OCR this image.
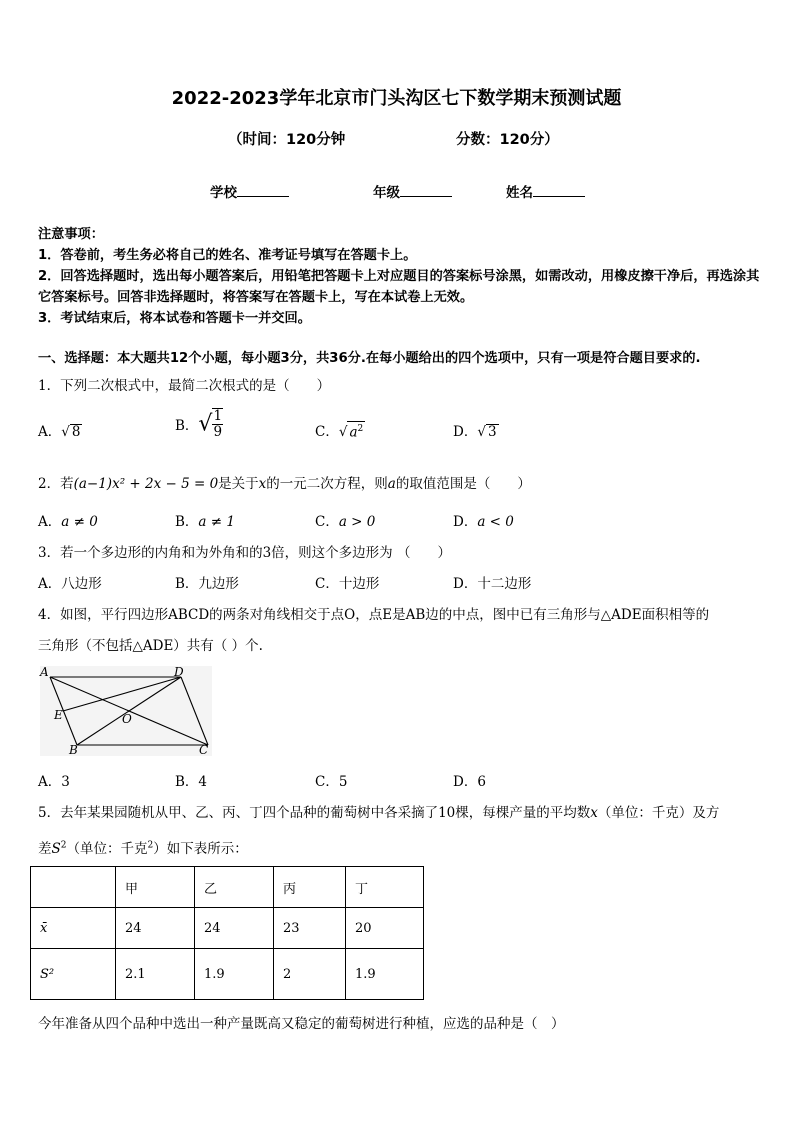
2022-2023学年北京市门头沟区七下数学期末预测试题
（时间：120分钟	分数：120分）
学校	年级	姓名

注意事项：

1．答卷前，考生务必将自己的姓名、准考证号填写在答题卡上。

2．回答选择题时，选出每小题答案后，用铅笔把答题卡上对应题目的答案标号涂黑，如需改动，用橡皮擦干净后，再选涂其它答案标号。回答非选择题时，将答案写在答题卡上，写在本试卷上无效。

3．考试结束后，将本试卷和答题卡一并交回。

一、选择题：本大题共12个小题，每小题3分，共36分.在每小题给出的四个选项中，只有一项是符合题目要求的.
1．下列二次根式中，最简二次根式的是（　　）
A．√ 8	B．√ $\frac{1}{9}$	C．√ $a^2$	D．√ 3
2．若(a−1)x² + 2x − 5 = 0是关于x的一元二次方程，则a的取值范围是（　　）
A．a ≠ 0	B．a ≠ 1	C．a > 0	D．a < 0
3．若一个多边形的内角和为外角和的3倍，则这个多边形为 （　　）
A．八边形	B．九边形	C．十边形	D．十二边形
4．如图，平行四边形ABCD的两条对角线相交于点O，点E是AB边的中点，图中已有三角形与△ADE面积相等的
三角形（不包括△ADE）共有（ ）个.
A	D
E	O
B	C
A．3	B．4	C．5	D．6
5．去年某果园随机从甲、乙、丙、丁四个品种的葡萄树中各采摘了10棵，每棵产量的平均数x（单位：千克）及方
差$S^2$（单位：千克$^2$）如下表所示：
	甲	乙	丙	丁
x̄	24	24	23	20
S²	2.1	1.9	2	1.9
今年准备从四个品种中选出一种产量既高又稳定的葡萄树进行种植，应选的品种是（　）
